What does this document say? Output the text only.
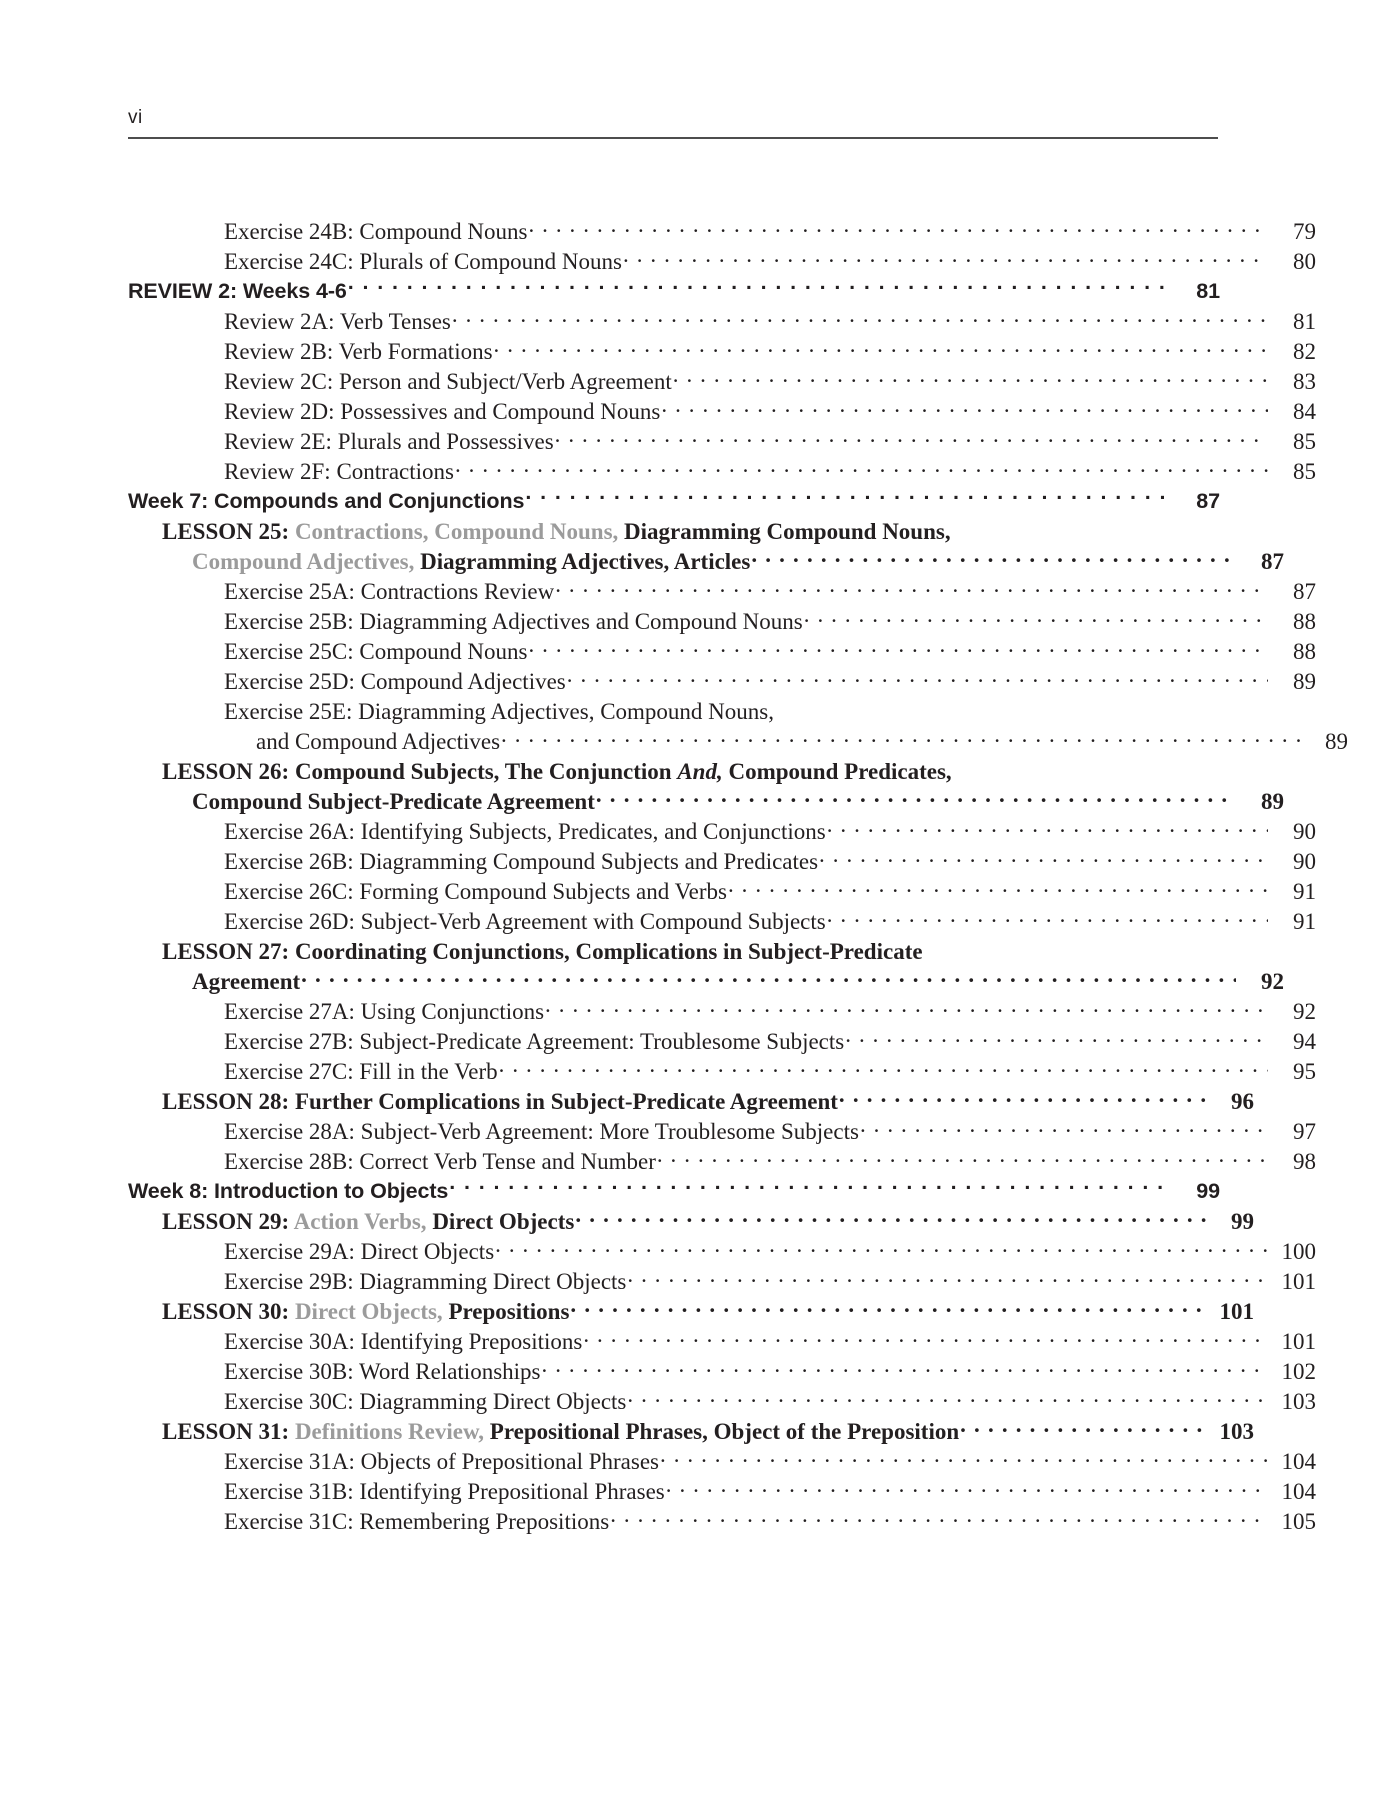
vi
Exercise 24B: Compound Nouns . . .	79
Exercise 24C: Plurals of Compound Nouns . . .	80
REVIEW 2: Weeks 4-6 . . .	81
Review 2A: Verb Tenses . . .	81
Review 2B: Verb Formations . . .	82
Review 2C: Person and Subject/Verb Agreement . . .	83
Review 2D: Possessives and Compound Nouns . . .	84
Review 2E: Plurals and Possessives . . .	85
Review 2F: Contractions . . .	85
Week 7: Compounds and Conjunctions . . .	87
LESSON 25: Contractions, Compound Nouns, Diagramming Compound Nouns,
Compound Adjectives, Diagramming Adjectives, Articles . . .	87
Exercise 25A: Contractions Review . . .	87
Exercise 25B: Diagramming Adjectives and Compound Nouns . . .	88
Exercise 25C: Compound Nouns . . .	88
Exercise 25D: Compound Adjectives . . .	89
Exercise 25E: Diagramming Adjectives, Compound Nouns,
and Compound Adjectives . . .	89
LESSON 26: Compound Subjects, The Conjunction And, Compound Predicates,
Compound Subject-Predicate Agreement . . .	89
Exercise 26A: Identifying Subjects, Predicates, and Conjunctions . . .	90
Exercise 26B: Diagramming Compound Subjects and Predicates . . .	90
Exercise 26C: Forming Compound Subjects and Verbs . . .	91
Exercise 26D: Subject-Verb Agreement with Compound Subjects . . .	91
LESSON 27: Coordinating Conjunctions, Complications in Subject-Predicate
Agreement . . .	92
Exercise 27A: Using Conjunctions . . .	92
Exercise 27B: Subject-Predicate Agreement: Troublesome Subjects . . .	94
Exercise 27C: Fill in the Verb . . .	95
LESSON 28: Further Complications in Subject-Predicate Agreement . . .	96
Exercise 28A: Subject-Verb Agreement: More Troublesome Subjects . . .	97
Exercise 28B: Correct Verb Tense and Number . . .	98
Week 8: Introduction to Objects . . .	99
LESSON 29: Action Verbs, Direct Objects . . .	99
Exercise 29A: Direct Objects . . .	100
Exercise 29B: Diagramming Direct Objects . . .	101
LESSON 30: Direct Objects, Prepositions . . .	101
Exercise 30A: Identifying Prepositions . . .	101
Exercise 30B: Word Relationships . . .	102
Exercise 30C: Diagramming Direct Objects . . .	103
LESSON 31: Definitions Review, Prepositional Phrases, Object of the Preposition . . .	103
Exercise 31A: Objects of Prepositional Phrases . . .	104
Exercise 31B: Identifying Prepositional Phrases . . .	104
Exercise 31C: Remembering Prepositions . . .	105
